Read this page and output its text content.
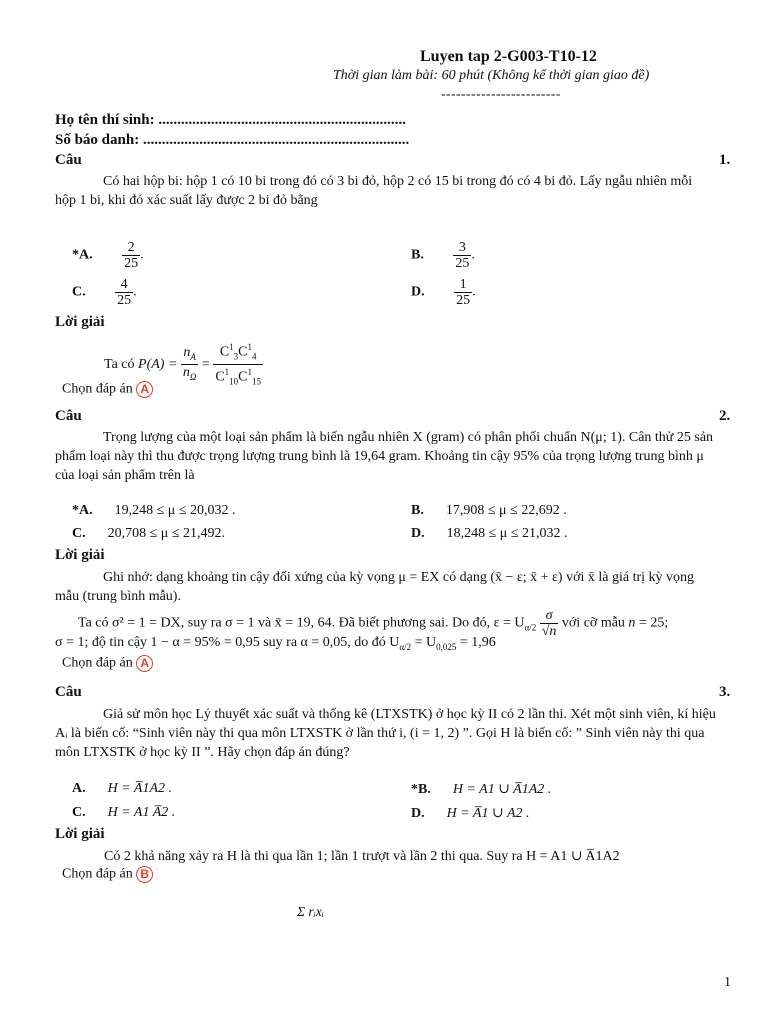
Luyen tap 2-G003-T10-12
Thời gian làm bài: 60 phút (Không kể thời gian giao đề)
------------------------
Họ tên thí sinh: ..................................................................
Số báo danh: .......................................................................
Câu	1.
Có hai hộp bi: hộp 1 có 10 bi trong đó có 3 bi đỏ, hộp 2 có 15 bi trong đó có 4 bi đỏ. Lấy ngẫu nhiên mỗi hộp 1 bi, khi đó xác suất lấy được 2 bi đỏ bằng
*A. $\frac{2}{25}$ .	B. $\frac{3}{25}$ .
C. $\frac{4}{25}$ .	D. $\frac{1}{25}$ .
Lời giải
Ta có $P(A) = \frac{n_A}{n_\Omega} = \frac{C^1_3C^1_4}{C^1_{10}C^1_{15}}$
Chọn đáp án A
Câu	2.
Trọng lượng của một loại sản phẩm là biến ngẫu nhiên X (gram) có phân phối chuẩn N(μ; 1). Cân thử 25 sản phẩm loại này thì thu được trọng lượng trung bình là 19,64 gram. Khoảng tin cậy 95% của trọng lượng trung bình μ của loại sản phẩm trên là
*A. 19,248 ≤ μ ≤ 20,032 .	B. 17,908 ≤ μ ≤ 22,692 .
C. 20,708 ≤ μ ≤ 21,492.	D. 18,248 ≤ μ ≤ 21,032 .
Lời giải
Ghi nhớ: dạng khoảng tin cậy đối xứng của kỳ vọng μ = EX có dạng (x̄ − ε; x̄ + ε) với x̄ là giá trị kỳ vọng mẫu (trung bình mẫu).
Ta có σ² = 1 = DX, suy ra σ = 1 và x̄ = 19, 64. Đã biết phương sai. Do đó, $\varepsilon = U_{\alpha/2} \frac{\sigma}{√n}$ với cỡ mẫu n = 25;
σ = 1; độ tin cậy 1 − α = 95% = 0,95 suy ra α = 0,05, do đó $U_{\alpha/2} = U_{0,025} = 1,96$
Chọn đáp án A
Câu	3.
Giả sử môn học Lý thuyết xác suất và thống kê (LTXSTK) ở học kỳ II có 2 lần thi. Xét một sinh viên, kí hiệu Aᵢ là biến cố: “Sinh viên này thi qua môn LTXSTK ở lần thứ i, (i = 1, 2) ”. Gọi H là biến cố: ” Sinh viên này thi qua môn LTXSTK ở học kỳ II ”. Hãy chọn đáp án đúng?
A. H = A̅1A2 .	*B. H = A1 ∪ A̅1A2 .
C. H = A1 A̅2 .	D. H = A̅1 ∪ A2 .
Lời giải
Có 2 khả năng xảy ra H là thi qua lần 1; lần 1 trượt và lần 2 thi qua. Suy ra H = A1 ∪ A̅1A2
Chọn đáp án B
Σ rᵢxᵢ
1
